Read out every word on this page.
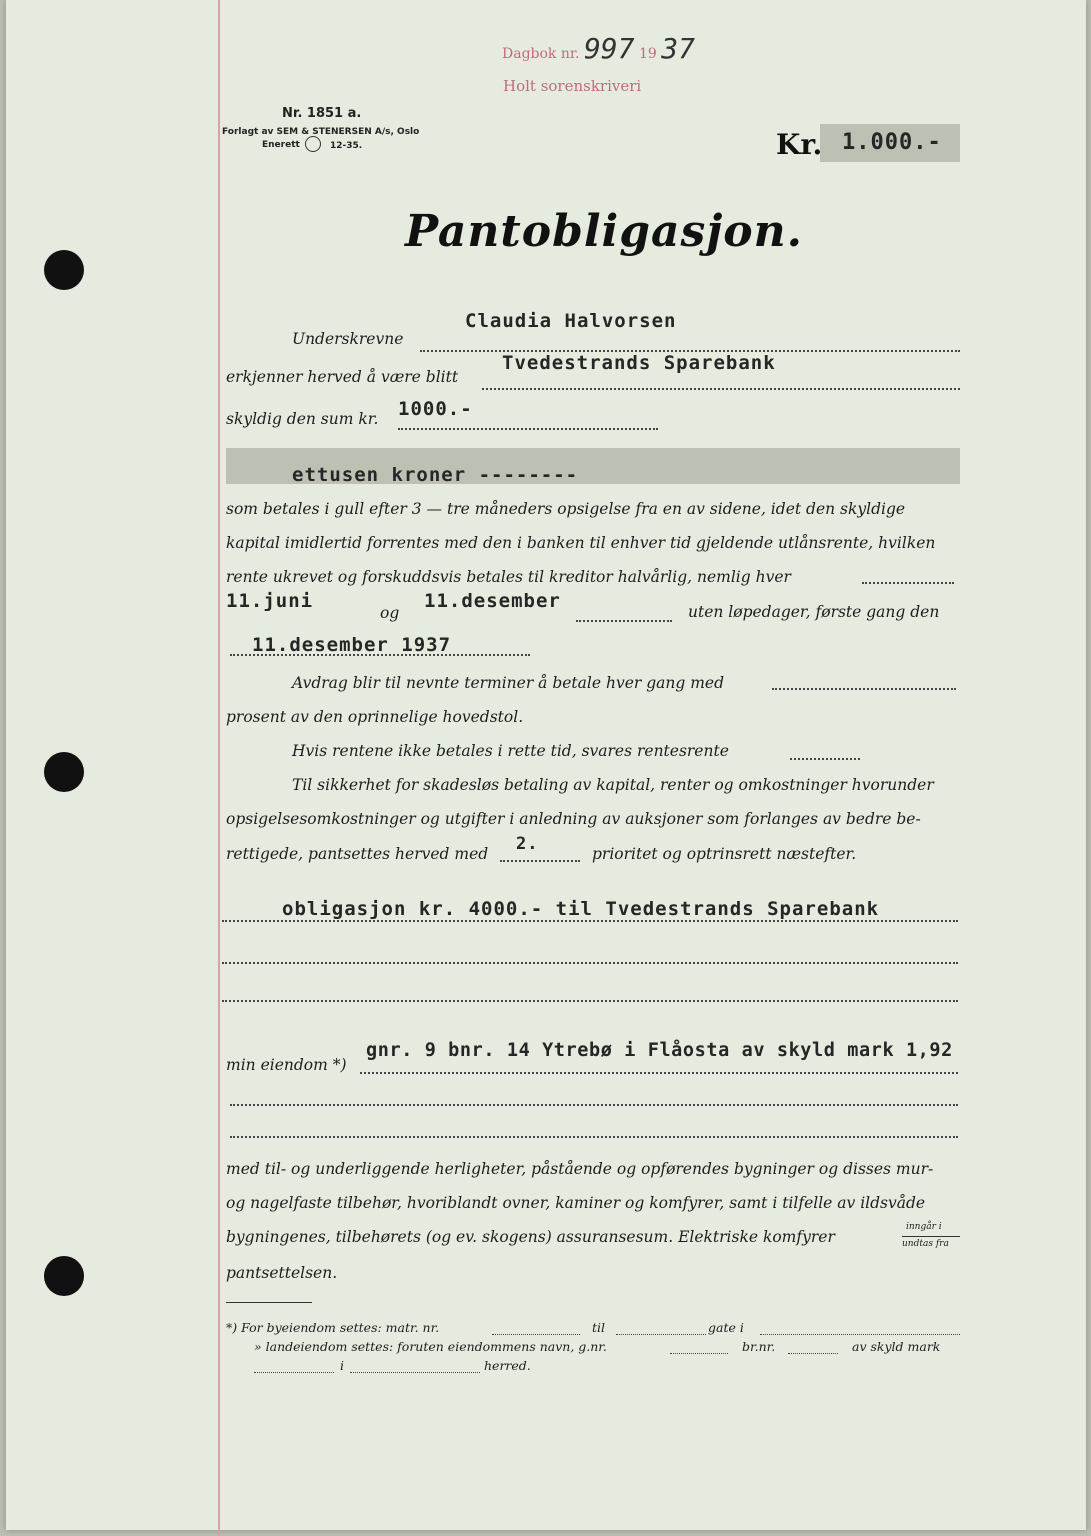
Dagbok nr. 997 19 37
Holt sorenskriveri
Nr. 1851 a.
Forlagt av SEM & STENERSEN A/s, Oslo
Enerett	12-35.	Kr. 1.000.-
Pantobligasjon.
Underskrevne
Claudia Halvorsen
erkjenner herved å være blitt
Tvedestrands Sparebank
skyldig den sum kr. 1000.-
ettusen kroner --------
som betales i gull efter 3 — tre måneders opsigelse fra en av sidene, idet den skyldige
kapital imidlertid forrentes med den i banken til enhver tid gjeldende utlånsrente, hvilken
rente ukrevet og forskuddsvis betales til kreditor halvårlig, nemlig hver
11.juni
og
11.desember	uten løpedager, første gang den
11.desember 1937
Avdrag blir til nevnte terminer å betale hver gang med
prosent av den oprinnelige hovedstol.
Hvis rentene ikke betales i rette tid, svares rentesrente
Til sikkerhet for skadesløs betaling av kapital, renter og omkostninger hvorunder
opsigelsesomkostninger og utgifter i anledning av auksjoner som forlanges av bedre be-
rettigede, pantsettes herved med 2.	prioritet og optrinsrett næstefter.
obligasjon kr. 4000.- til Tvedestrands Sparebank
min eiendom *)
gnr. 9 bnr. 14 Ytrebø i Flåosta av skyld mark 1,92
med til- og underliggende herligheter, påstående og opførendes bygninger og disses mur-
og nagelfaste tilbehør, hvoriblandt ovner, kaminer og komfyrer, samt i tilfelle av ildsvåde
bygningenes, tilbehørets (og ev. skogens) assuransesum. Elektriske komfyrer
inngår i
undtas fra
pantsettelsen.
*) For byeiendom settes: matr. nr.	til	gate i
» landeiendom settes: foruten eiendommens navn, g.nr.	br.nr.	av skyld mark
i	herred.
